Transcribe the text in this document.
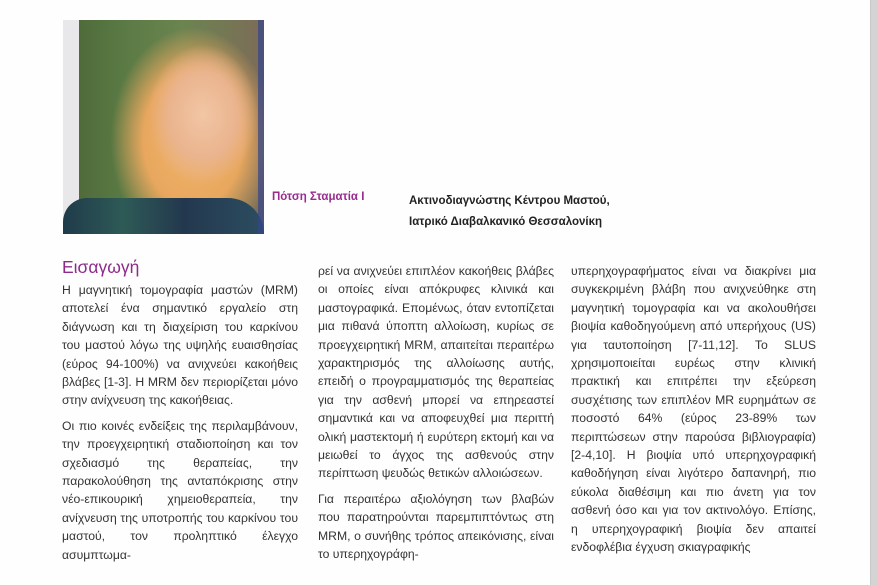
Πότση Σταματία Ι	Ακτινοδιαγνώστης Κέντρου Μαστού,
Ιατρικό Διαβαλκανικό Θεσσαλονίκη
Εισαγωγή

Η μαγνητική τομογραφία μαστών (MRM) αποτελεί ένα σημαντικό εργαλείο στη διάγνωση και τη διαχείριση του καρκίνου του μαστού λόγω της υψηλής ευαισθησίας (εύρος 94-100%) να ανιχνεύει κακοήθεις βλάβες [1-3]. Η MRM δεν περιορίζεται μόνο στην ανίχνευση της κακοήθειας.

Οι πιο κοινές ενδείξεις της περιλαμβάνουν, την προεγχειρητική σταδιοποίηση και τον σχεδιασμό της θεραπείας, την παρακολούθηση της ανταπόκρισης στην νέο-επικουρική χημειοθεραπεία, την ανίχνευση της υποτροπής του καρκίνου του μαστού, τον προληπτικό έλεγχο ασυμπτωμα-

ρεί να ανιχνεύει επιπλέον κακοήθεις βλάβες οι οποίες είναι απόκρυφες κλινικά και μαστογραφικά. Επομένως, όταν εντοπίζεται μια πιθανά ύποπτη αλλοίωση, κυρίως σε προεγχειρητική MRM, απαιτείται περαιτέρω χαρακτηρισμός της αλλοίωσης αυτής, επειδή ο προγραμματισμός της θεραπείας για την ασθενή μπορεί να επηρεαστεί σημαντικά και να αποφευχθεί μια περιττή ολική μαστεκτομή ή ευρύτερη εκτομή και να μειωθεί το άγχος της ασθενούς στην περίπτωση ψευδώς θετικών αλλοιώσεων.

Για περαιτέρω αξιολόγηση των βλαβών που παρατηρούνται παρεμπιπτόντως στη MRM, ο συνήθης τρόπος απεικόνισης, είναι το υπερηχογράφη-

υπερηχογραφήματος είναι να διακρίνει μια συγκεκριμένη βλάβη που ανιχνεύθηκε στη μαγνητική τομογραφία και να ακολουθήσει βιοψία καθοδηγούμενη από υπερήχους (US) για ταυτοποίηση [7-11,12]. Το SLUS χρησιμοποιείται ευρέως στην κλινική πρακτική και επιτρέπει την εξεύρεση συσχέτισης των επιπλέον MR ευρημάτων σε ποσοστό 64% (εύρος 23-89% των περιπτώσεων στην παρούσα βιβλιογραφία) [2-4,10]. Η βιοψία υπό υπερηχογραφική καθοδήγηση είναι λιγότερο δαπανηρή, πιο εύκολα διαθέσιμη και πιο άνετη για τον ασθενή όσο και για τον ακτινολόγο. Επίσης, η υπερηχογραφική βιοψία δεν απαιτεί ενδοφλέβια έγχυση σκιαγραφικής
